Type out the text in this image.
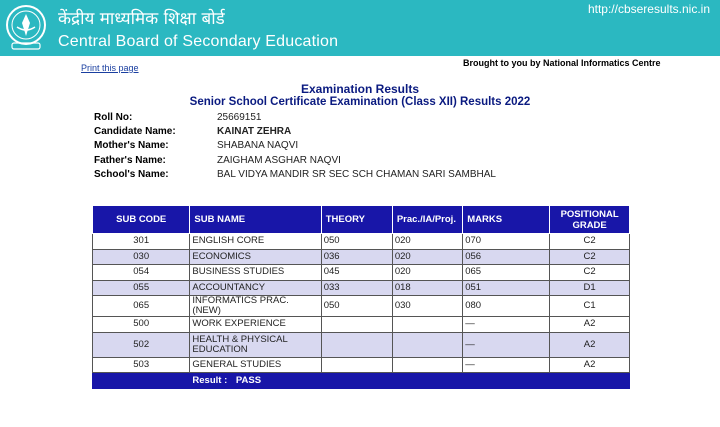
केंद्रीय माध्यमिक शिक्षा बोर्ड
Central Board of Secondary Education
http://cbseresults.nic.in
Print this page	Brought to you by National Informatics Centre
Examination Results
Senior School Certificate Examination (Class XII) Results 2022
Roll No:	25669151
Candidate Name:	KAINAT ZEHRA
Mother's Name:	SHABANA NAQVI
Father's Name:	ZAIGHAM ASGHAR NAQVI
School's Name:	BAL VIDYA MANDIR SR SEC SCH CHAMAN SARI SAMBHAL
SUB CODE	SUB NAME	THEORY	Prac./IA/Proj.	MARKS	POSITIONAL
GRADE

301	ENGLISH CORE	050	020	070	C2
030	ECONOMICS	036	020	056	C2
054	BUSINESS STUDIES	045	020	065	C2
055	ACCOUNTANCY	033	018	051	D1
065	INFORMATICS PRAC. (NEW)	050	030	080	C1
500	WORK EXPERIENCE			—	A2
502	HEALTH & PHYSICAL EDUCATION			—	A2
503	GENERAL STUDIES			—	A2
	Result : PASS				
